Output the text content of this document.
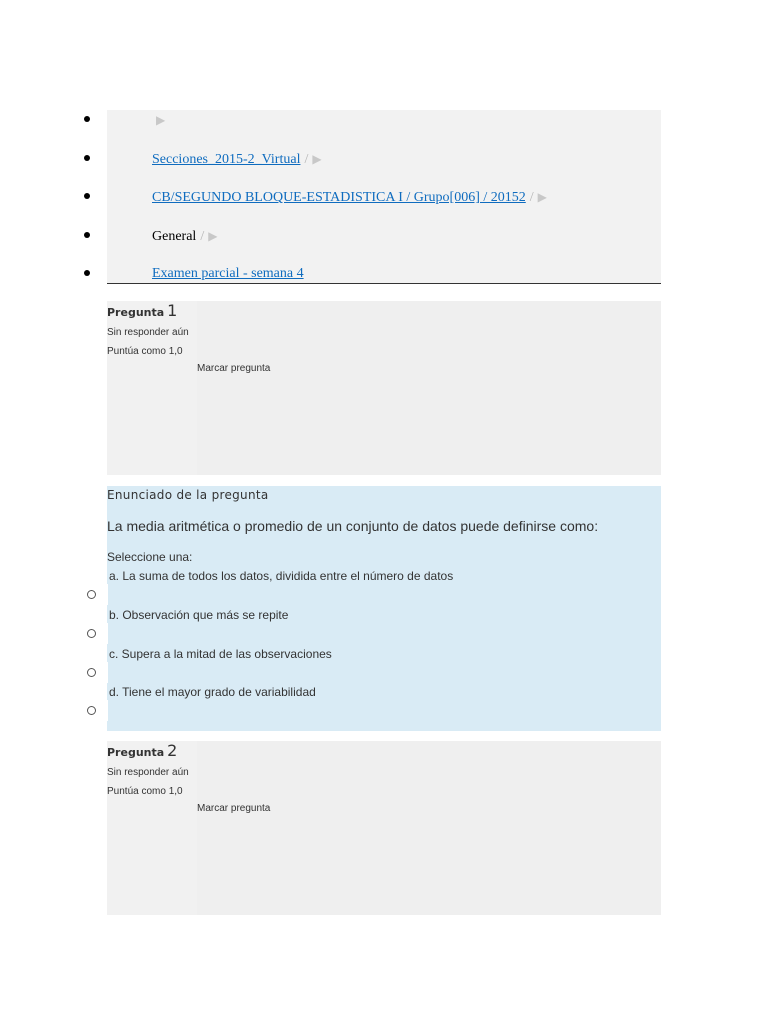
▶
Secciones_2015-2_Virtual / ▶
CB/SEGUNDO BLOQUE-ESTADISTICA I / Grupo[006] / 20152 / ▶
General / ▶
Examen parcial - semana 4
Pregunta 1
Sin responder aún
Puntúa como 1,0
Marcar pregunta
Enunciado de la pregunta
La media aritmética o promedio de un conjunto de datos puede definirse como:
Seleccione una:
a. La suma de todos los datos, dividida entre el número de datos
b. Observación que más se repite
c. Supera a la mitad de las observaciones
d. Tiene el mayor grado de variabilidad
Pregunta 2
Sin responder aún
Puntúa como 1,0
Marcar pregunta
